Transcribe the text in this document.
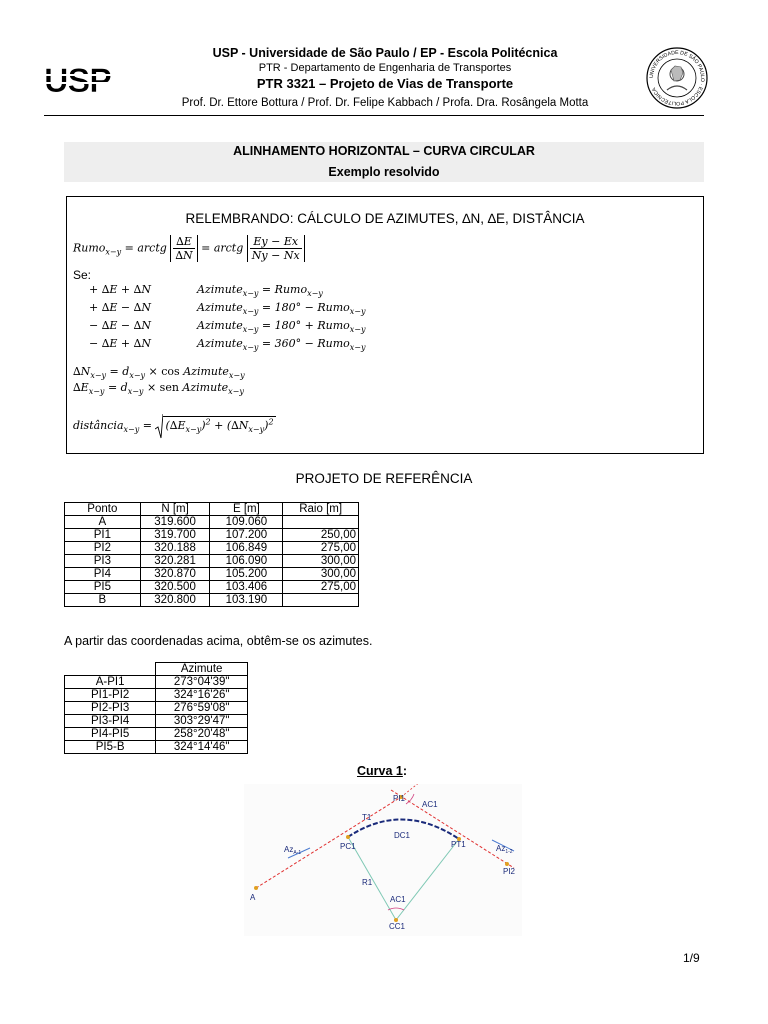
USP
USP - Universidade de São Paulo / EP - Escola Politécnica
PTR - Departamento de Engenharia de Transportes
PTR 3321 – Projeto de Vias de Transporte
Prof. Dr. Ettore Bottura / Prof. Dr. Felipe Kabbach / Profa. Dra. Rosângela Motta
UNIVERSIDADE DE SÃO PAULO · ESCOLA POLITÉCNICA
ALINHAMENTO HORIZONTAL – CURVA CIRCULAR
Exemplo resolvido
RELEMBRANDO: CÁLCULO DE AZIMUTES, ∆N, ∆E, DISTÂNCIA
Rumo$_{x-y}$ = arctg $\frac{\Delta E}{\Delta N}$ = arctg $\frac{Ey - Ex}{Ny - Nx}$
Se:
+ ∆E + ∆N	Azimute$_{x-y}$ = Rumo$_{x-y}$
+ ∆E − ∆N	Azimute$_{x-y}$ = 180° − Rumo$_{x-y}$
− ∆E − ∆N	Azimute$_{x-y}$ = 180° + Rumo$_{x-y}$
− ∆E + ∆N	Azimute$_{x-y}$ = 360° − Rumo$_{x-y}$
$\Delta N_{x-y} = d_{x-y} \times \cos$ Azimute$_{x-y}$
$\Delta E_{x-y} = d_{x-y}$ × sen Azimute$_{x-y}$
distância$_{x-y}$ = $(\Delta E_{x-y})^2 + (\Delta N_{x-y})^2$
PROJETO DE REFERÊNCIA
Ponto	N [m]	E [m]	Raio [m]
A	319.600	109.060	
PI1	319.700	107.200	250,00
PI2	320.188	106.849	275,00
PI3	320.281	106.090	300,00
PI4	320.870	105.200	300,00
PI5	320.500	103.406	275,00
B	320.800	103.190	
A partir das coordenadas acima, obtêm-se os azimutes.
	Azimute
A-PI1	273°04'39"
PI1-PI2	324°16'26"
PI2-PI3	276°59'08"
PI3-PI4	303°29'47"
PI4-PI5	258°20'48"
PI5-B	324°14'46"
Curva 1:
PI1
AC1
T1
DC1
PC1	PT1
R1
AC1
CC1
A
PI2
$Az_{A-1}$	$Az_{1-2}$
1/9
